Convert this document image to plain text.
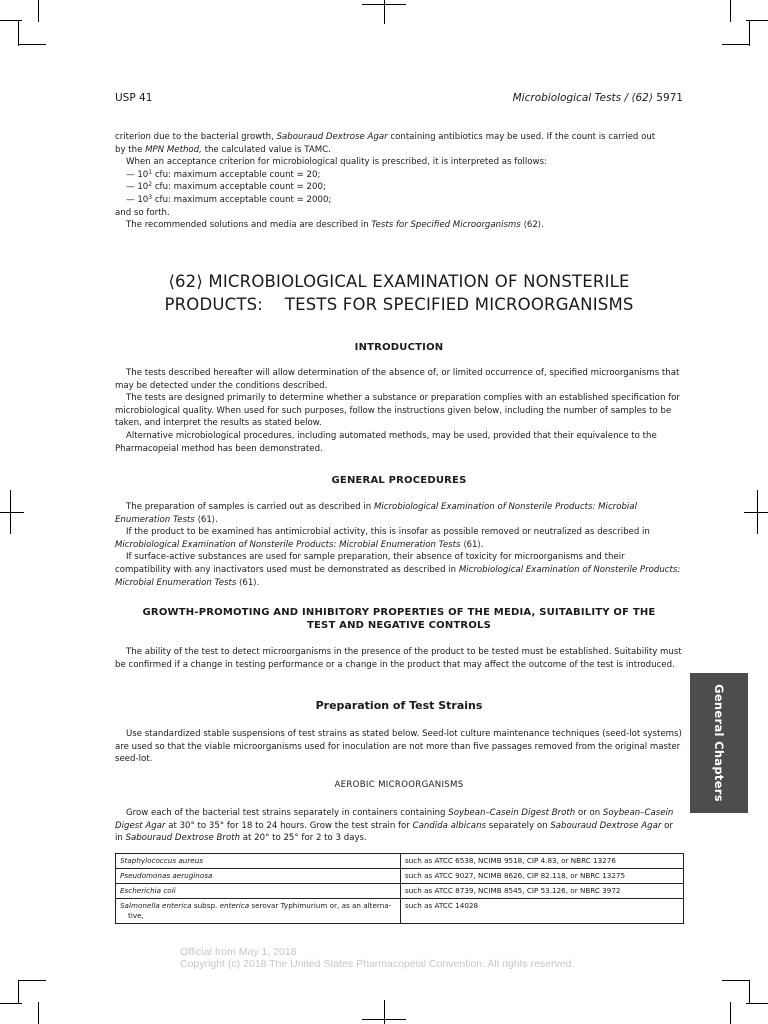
USP 41	Microbiological Tests / ⟨62⟩ 5971

criterion due to the bacterial growth, Sabouraud Dextrose Agar containing antibiotics may be used. If the count is carried out

by the MPN Method, the calculated value is TAMC.

When an acceptance criterion for microbiological quality is prescribed, it is interpreted as follows:

— $10^1$ cfu: maximum acceptable count = 20;

— $10^2$ cfu: maximum acceptable count = 200;

— $10^3$ cfu: maximum acceptable count = 2000;

and so forth.

The recommended solutions and media are described in Tests for Specified Microorganisms ⟨62⟩.

⟨62⟩ MICROBIOLOGICAL EXAMINATION OF NONSTERILE
PRODUCTS:    TESTS FOR SPECIFIED MICROORGANISMS
INTRODUCTION

The tests described hereafter will allow determination of the absence of, or limited occurrence of, specified microorganisms that may be detected under the conditions described.

The tests are designed primarily to determine whether a substance or preparation complies with an established specification for microbiological quality. When used for such purposes, follow the instructions given below, including the number of samples to be taken, and interpret the results as stated below.

Alternative microbiological procedures, including automated methods, may be used, provided that their equivalence to the Pharmacopeial method has been demonstrated.

GENERAL PROCEDURES

The preparation of samples is carried out as described in Microbiological Examination of Nonsterile Products: Microbial Enumeration Tests ⟨61⟩.

If the product to be examined has antimicrobial activity, this is insofar as possible removed or neutralized as described in Microbiological Examination of Nonsterile Products: Microbial Enumeration Tests ⟨61⟩.

If surface-active substances are used for sample preparation, their absence of toxicity for microorganisms and their compatibility with any inactivators used must be demonstrated as described in Microbiological Examination of Nonsterile Products: Microbial Enumeration Tests ⟨61⟩.

GROWTH-PROMOTING AND INHIBITORY PROPERTIES OF THE MEDIA, SUITABILITY OF THE
TEST AND NEGATIVE CONTROLS

The ability of the test to detect microorganisms in the presence of the product to be tested must be established. Suitability must be confirmed if a change in testing performance or a change in the product that may affect the outcome of the test is introduced.

Preparation of Test Strains

Use standardized stable suspensions of test strains as stated below. Seed-lot culture maintenance techniques (seed-lot systems) are used so that the viable microorganisms used for inoculation are not more than five passages removed from the original master seed-lot.

AEROBIC MICROORGANISMS

Grow each of the bacterial test strains separately in containers containing Soybean–Casein Digest Broth or on Soybean–Casein Digest Agar at 30° to 35° for 18 to 24 hours. Grow the test strain for Candida albicans separately on Sabouraud Dextrose Agar or in Sabouraud Dextrose Broth at 20° to 25° for 2 to 3 days.

Staphylococcus aureus	such as ATCC 6538, NCIMB 9518, CIP 4.83, or NBRC 13276
Pseudomonas aeruginosa	such as ATCC 9027, NCIMB 8626, CIP 82.118, or NBRC 13275
Escherichia coli	such as ATCC 8739, NCIMB 8545, CIP 53.126, or NBRC 3972
Salmonella enterica subsp. enterica serovar Typhimurium or, as an alterna-
tive,	such as ATCC 14028
General Chapters
Official from May 1, 2018
Copyright (c) 2018 The United States Pharmacopeial Convention. All rights reserved.
